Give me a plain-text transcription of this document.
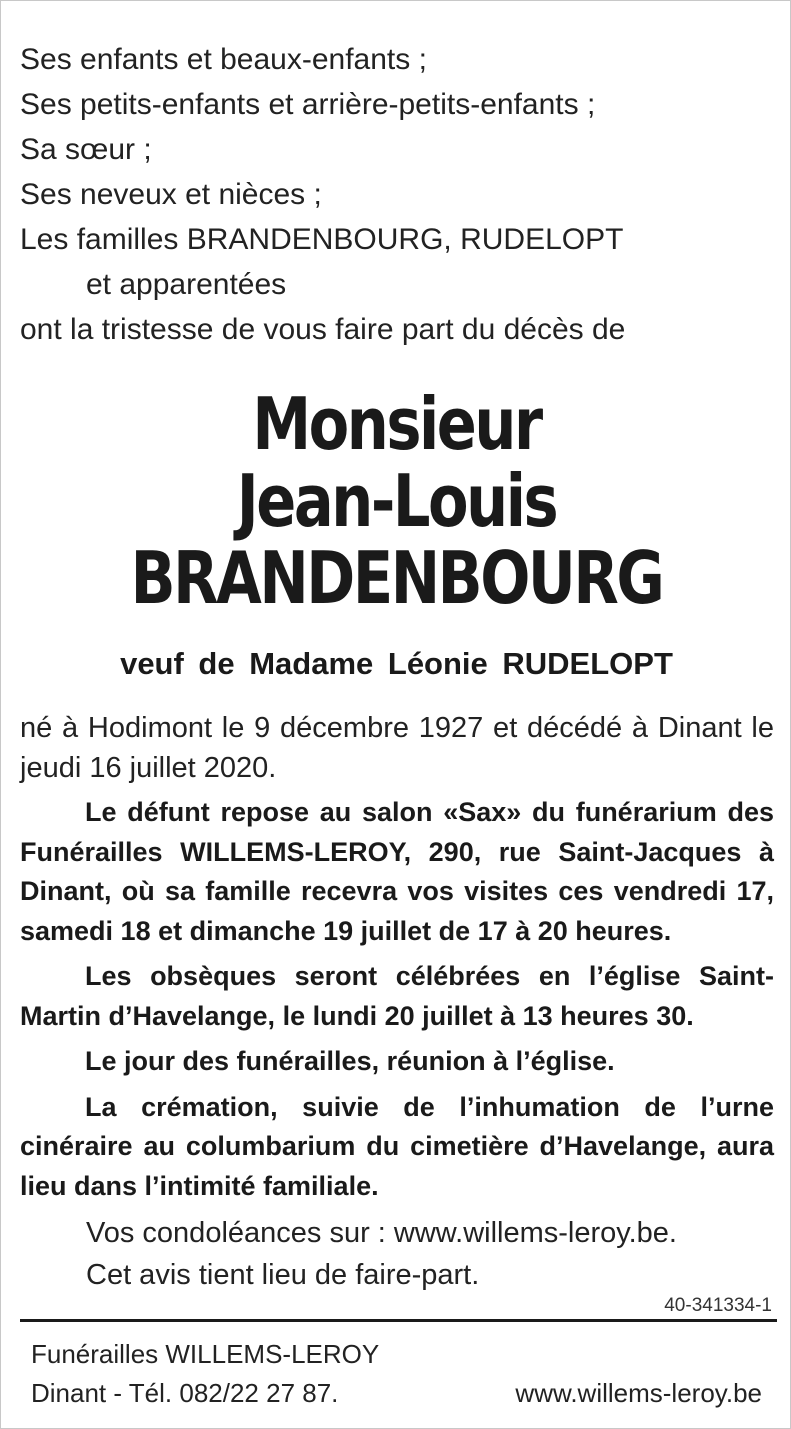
Ses enfants et beaux-enfants ;
Ses petits-enfants et arrière-petits-enfants ;
Sa sœur ;
Ses neveux et nièces ;
Les familles BRANDENBOURG, RUDELOPT
et apparentées
ont la tristesse de vous faire part du décès de
Monsieur
Jean-Louis
BRANDENBOURG
veuf de Madame Léonie RUDELOPT

né à Hodimont le 9 décembre 1927 et décédé à Dinant le jeudi 16 juillet 2020.

Le défunt repose au salon «Sax» du funérarium des Funérailles WILLEMS-LEROY, 290, rue Saint-Jacques à Dinant, où sa famille recevra vos visites ces vendredi 17, samedi 18 et dimanche 19 juillet de 17 à 20 heures.

Les obsèques seront célébrées en l’église Saint-Martin d’Havelange, le lundi 20 juillet à 13 heures 30.

Le jour des funérailles, réunion à l’église.

La crémation, suivie de l’inhumation de l’urne cinéraire au columbarium du cimetière d’Havelange, aura lieu dans l’intimité familiale.

Vos condoléances sur : www.willems-leroy.be.

Cet avis tient lieu de faire-part.

40-341334-1
Funérailles WILLEMS-LEROY
Dinant - Tél. 082/22 27 87.	www.willems-leroy.be
